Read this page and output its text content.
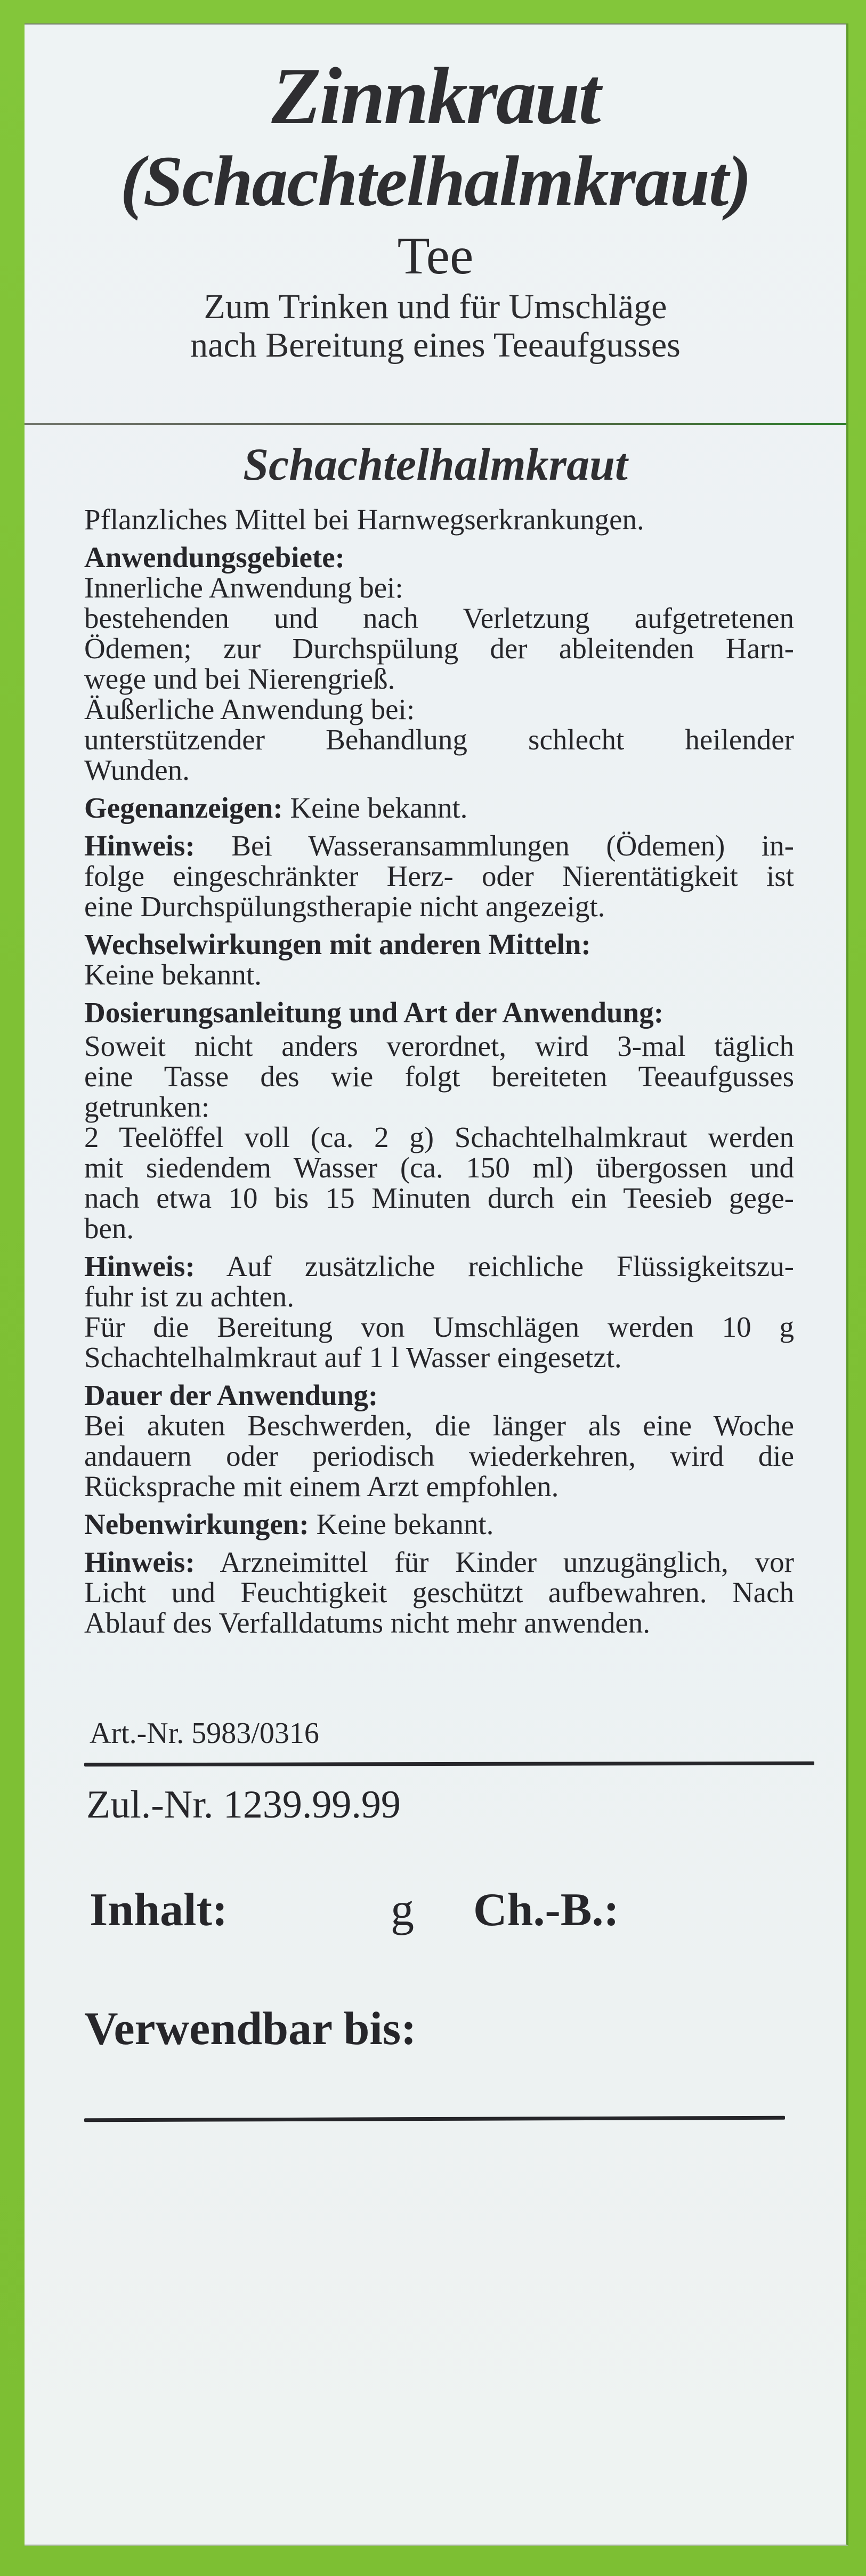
Zinnkraut
(Schachtelhalmkraut)
Tee
Zum Trinken und für Umschläge
nach Bereitung eines Teeaufgusses
Schachtelhalmkraut

Pflanzliches Mittel bei Harnwegserkrankungen.

Anwendungsgebiete:

Innerliche Anwendung bei:

bestehenden und nach Verletzung aufgetretenen

Ödemen; zur Durchspülung der ableitenden Harn-

wege und bei Nierengrieß.

Äußerliche Anwendung bei:

unterstützender Behandlung schlecht heilender

Wunden.

Gegenanzeigen: Keine bekannt.

Hinweis: Bei Wasseransammlungen (Ödemen) in-

folge eingeschränkter Herz- oder Nierentätigkeit ist

eine Durchspülungstherapie nicht angezeigt.

Wechselwirkungen mit anderen Mitteln:

Keine bekannt.

Dosierungsanleitung und Art der Anwendung:

Soweit nicht anders verordnet, wird 3-mal täglich

eine Tasse des wie folgt bereiteten Teeaufgusses

getrunken:

2 Teelöffel voll (ca. 2 g) Schachtelhalmkraut werden

mit siedendem Wasser (ca. 150 ml) übergossen und

nach etwa 10 bis 15 Minuten durch ein Teesieb gege-

ben.

Hinweis: Auf zusätzliche reichliche Flüssigkeitszu-

fuhr ist zu achten.

Für die Bereitung von Umschlägen werden 10 g

Schachtelhalmkraut auf 1 l Wasser eingesetzt.

Dauer der Anwendung:

Bei akuten Beschwerden, die länger als eine Woche

andauern oder periodisch wiederkehren, wird die

Rücksprache mit einem Arzt empfohlen.

Nebenwirkungen: Keine bekannt.

Hinweis: Arzneimittel für Kinder unzugänglich, vor

Licht und Feuchtigkeit geschützt aufbewahren. Nach

Ablauf des Verfalldatums nicht mehr anwenden.

Art.-Nr. 5983/0316
Zul.-Nr. 1239.99.99
Inhalt:	g Ch.-B.:
Verwendbar bis:
